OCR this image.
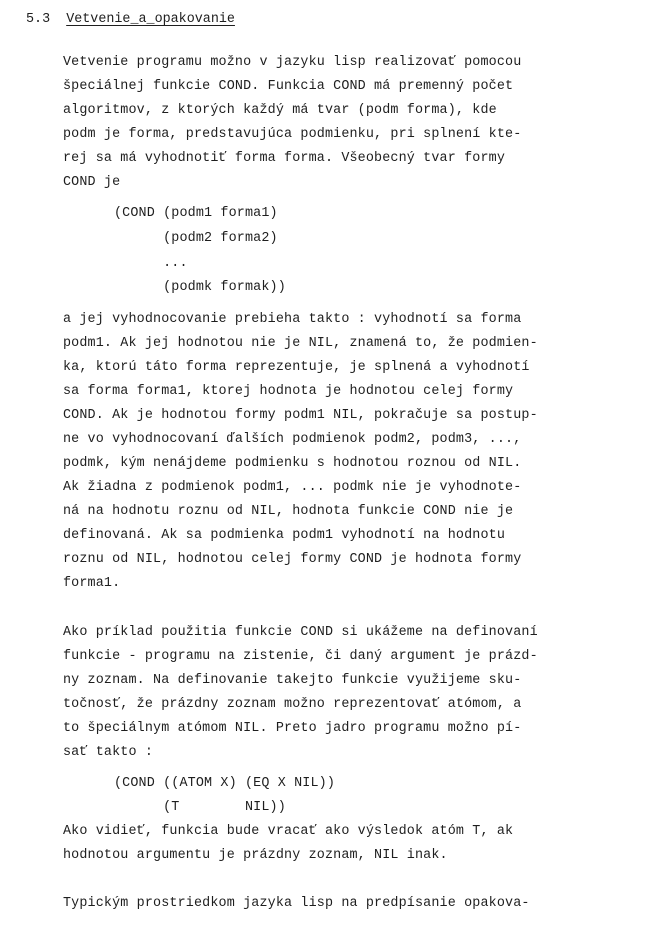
5.3 Vetvenie_a_opakovanie
Vetvenie programu možno v jazyku lisp realizovať pomocou
špeciálnej funkcie COND. Funkcia COND má premenný počet
algoritmov, z ktorých každý má tvar (podm forma), kde
podm je forma, predstavujúca podmienku, pri splnení kte-
rej sa má vyhodnotiť forma forma. Všeobecný tvar formy
COND je
(COND (podm1 forma1)
(podm2 forma2)
...
(podmk formak))
a jej vyhodnocovanie prebieha takto : vyhodnotí sa forma
podm1. Ak jej hodnotou nie je NIL, znamená to, že podmien-
ka, ktorú táto forma reprezentuje, je splnená a vyhodnotí
sa forma forma1, ktorej hodnota je hodnotou celej formy
COND. Ak je hodnotou formy podm1 NIL, pokračuje sa postup-
ne vo vyhodnocovaní ďalších podmienok podm2, podm3, ...,
podmk, kým nenájdeme podmienku s hodnotou roznou od NIL.
Ak žiadna z podmienok podm1, ... podmk nie je vyhodnote-
ná na hodnotu roznu od NIL, hodnota funkcie COND nie je
definovaná. Ak sa podmienka podm1 vyhodnotí na hodnotu
roznu od NIL, hodnotou celej formy COND je hodnota formy
forma1.
Ako príklad použitia funkcie COND si ukážeme na definovaní
funkcie - programu na zistenie, či daný argument je prázd-
ny zoznam. Na definovanie takejto funkcie využijeme sku-
točnosť, že prázdny zoznam možno reprezentovať atómom, a
to špeciálnym atómom NIL. Preto jadro programu možno pí-
sať takto :
(COND ((ATOM X) (EQ X NIL))
(T        NIL))
Ako vidieť, funkcia bude vracať ako výsledok atóm T, ak
hodnotou argumentu je prázdny zoznam, NIL inak.
Typickým prostriedkom jazyka lisp na predpísanie opakova-
